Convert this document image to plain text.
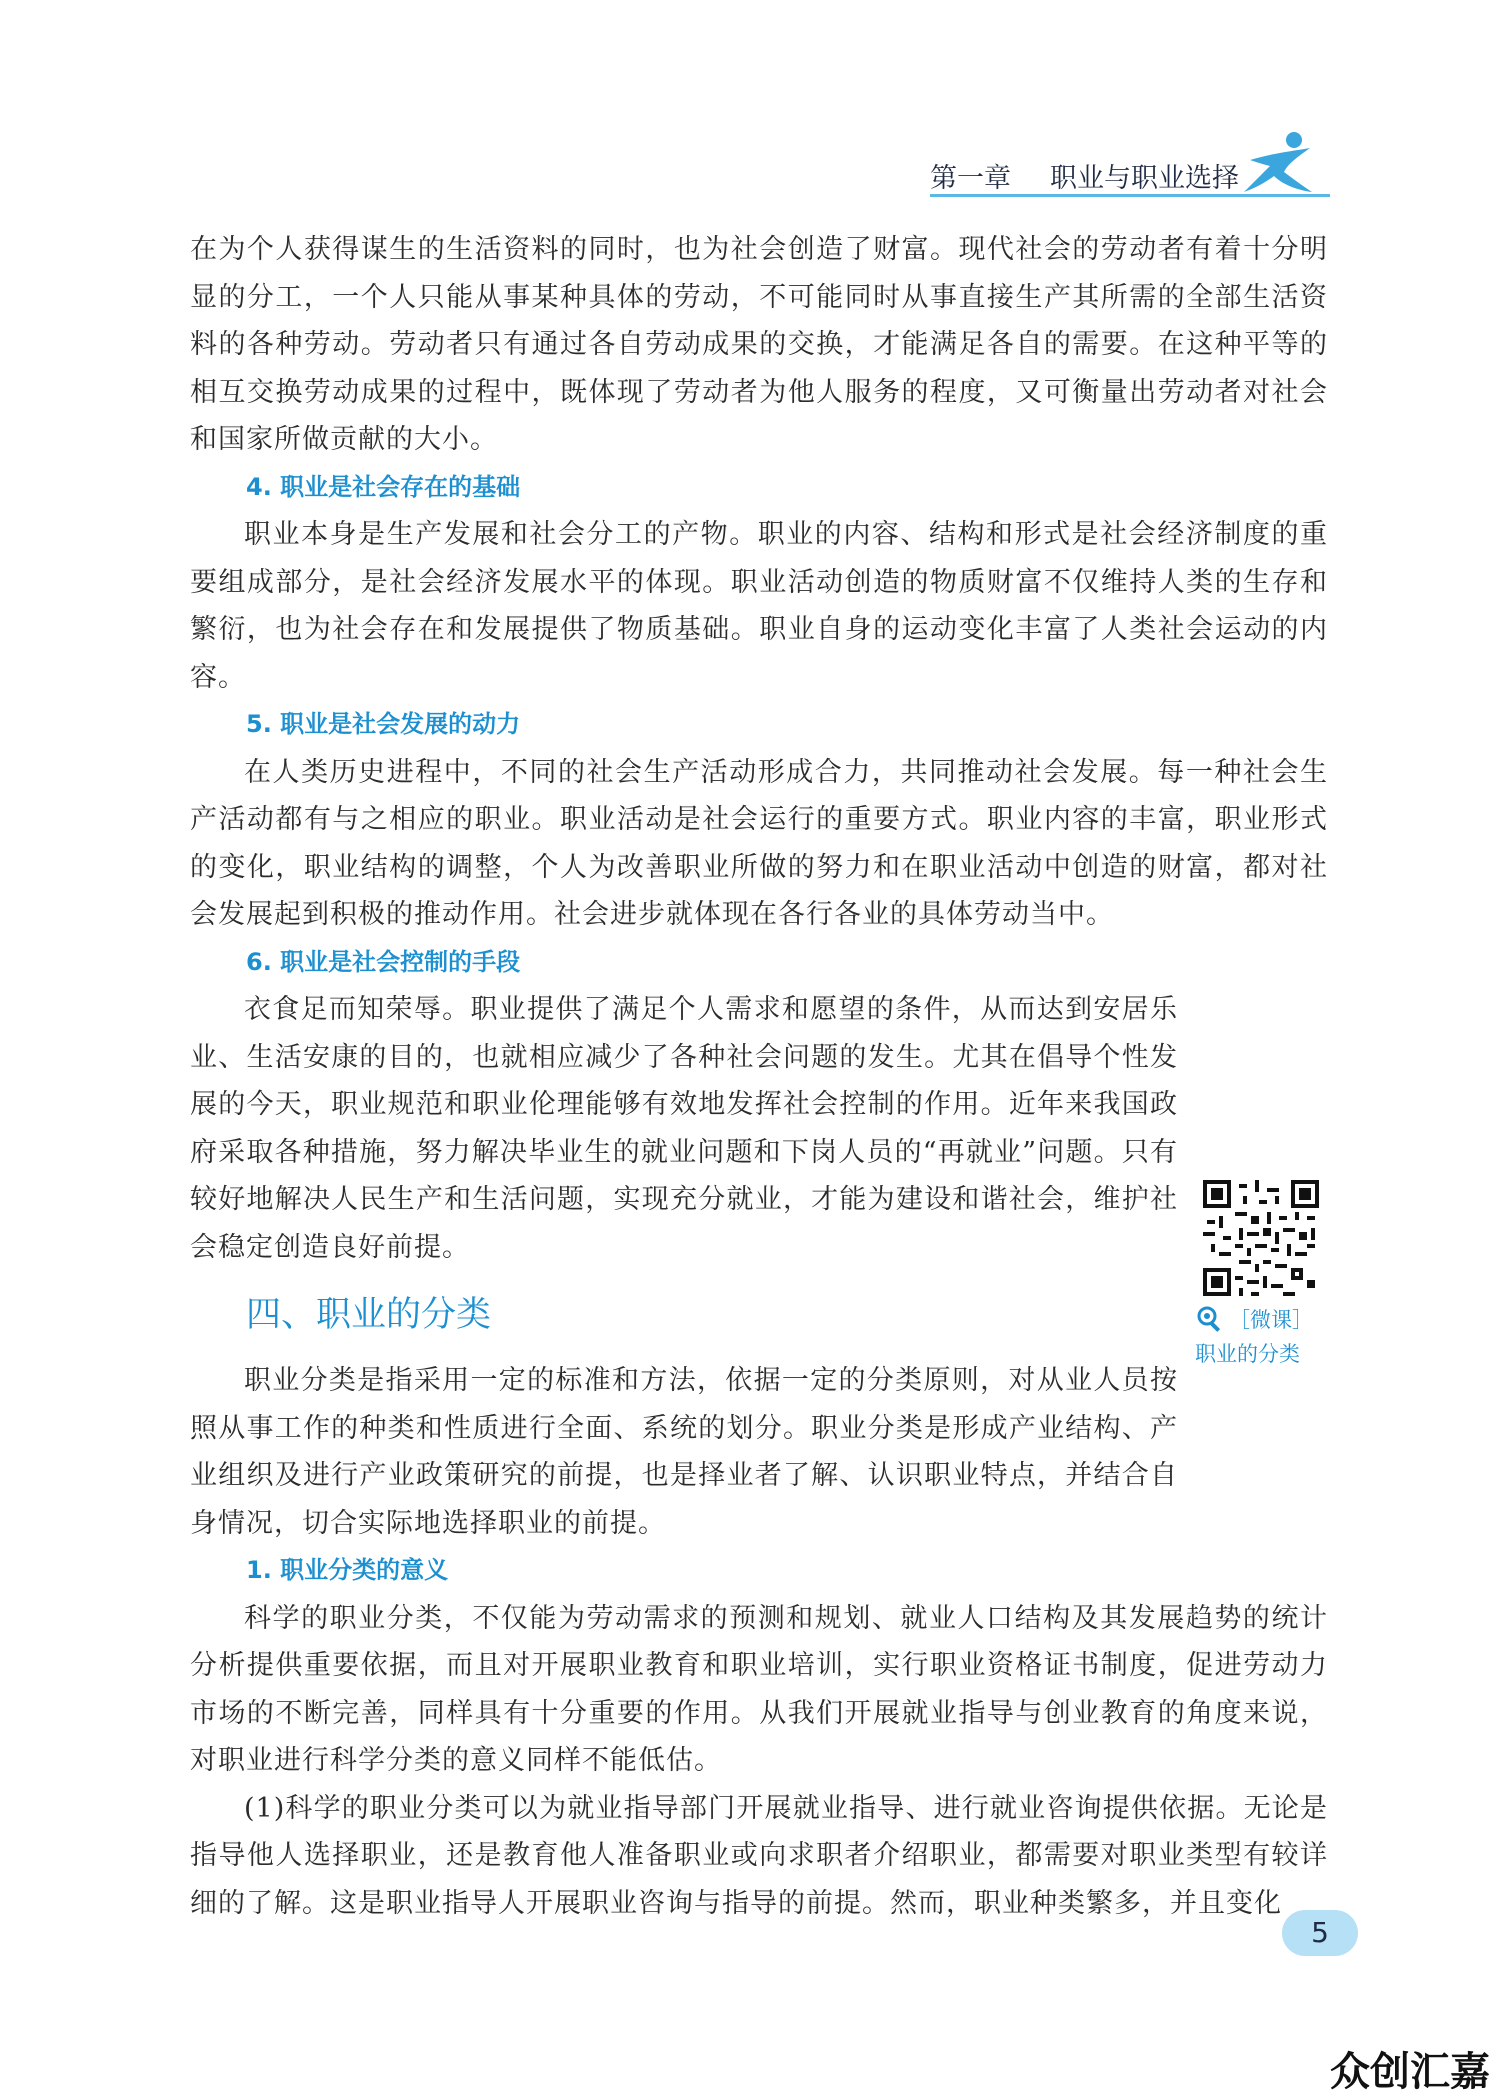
第一章 职业与职业选择

在为个人获得谋生的生活资料的同时，也为社会创造了财富。现代社会的劳动者有着十分明显的分工，一个人只能从事某种具体的劳动，不可能同时从事直接生产其所需的全部生活资料的各种劳动。劳动者只有通过各自劳动成果的交换，才能满足各自的需要。在这种平等的相互交换劳动成果的过程中，既体现了劳动者为他人服务的程度，又可衡量出劳动者对社会和国家所做贡献的大小。

4. 职业是社会存在的基础

职业本身是生产发展和社会分工的产物。职业的内容、结构和形式是社会经济制度的重要组成部分，是社会经济发展水平的体现。职业活动创造的物质财富不仅维持人类的生存和繁衍，也为社会存在和发展提供了物质基础。职业自身的运动变化丰富了人类社会运动的内容。

5. 职业是社会发展的动力

在人类历史进程中，不同的社会生产活动形成合力，共同推动社会发展。每一种社会生产活动都有与之相应的职业。职业活动是社会运行的重要方式。职业内容的丰富，职业形式的变化，职业结构的调整，个人为改善职业所做的努力和在职业活动中创造的财富，都对社会发展起到积极的推动作用。社会进步就体现在各行各业的具体劳动当中。

6. 职业是社会控制的手段

衣食足而知荣辱。职业提供了满足个人需求和愿望的条件，从而达到安居乐业、生活安康的目的，也就相应减少了各种社会问题的发生。尤其在倡导个性发展的今天，职业规范和职业伦理能够有效地发挥社会控制的作用。近年来我国政府采取各种措施，努力解决毕业生的就业问题和下岗人员的“再就业”问题。只有较好地解决人民生产和生活问题，实现充分就业，才能为建设和谐社会，维护社会稳定创造良好前提。

四、职业的分类

职业分类是指采用一定的标准和方法，依据一定的分类原则，对从业人员按照从事工作的种类和性质进行全面、系统的划分。职业分类是形成产业结构、产业组织及进行产业政策研究的前提，也是择业者了解、认识职业特点，并结合自身情况，切合实际地选择职业的前提。

1. 职业分类的意义

科学的职业分类，不仅能为劳动需求的预测和规划、就业人口结构及其发展趋势的统计分析提供重要依据，而且对开展职业教育和职业培训，实行职业资格证书制度，促进劳动力市场的不断完善，同样具有十分重要的作用。从我们开展就业指导与创业教育的角度来说，对职业进行科学分类的意义同样不能低估。

(1)科学的职业分类可以为就业指导部门开展就业指导、进行就业咨询提供依据。无论是指导他人选择职业，还是教育他人准备职业或向求职者介绍职业，都需要对职业类型有较详细的了解。这是职业指导人开展职业咨询与指导的前提。然而，职业种类繁多，并且变化

［微课］
职业的分类
5
众创汇嘉
